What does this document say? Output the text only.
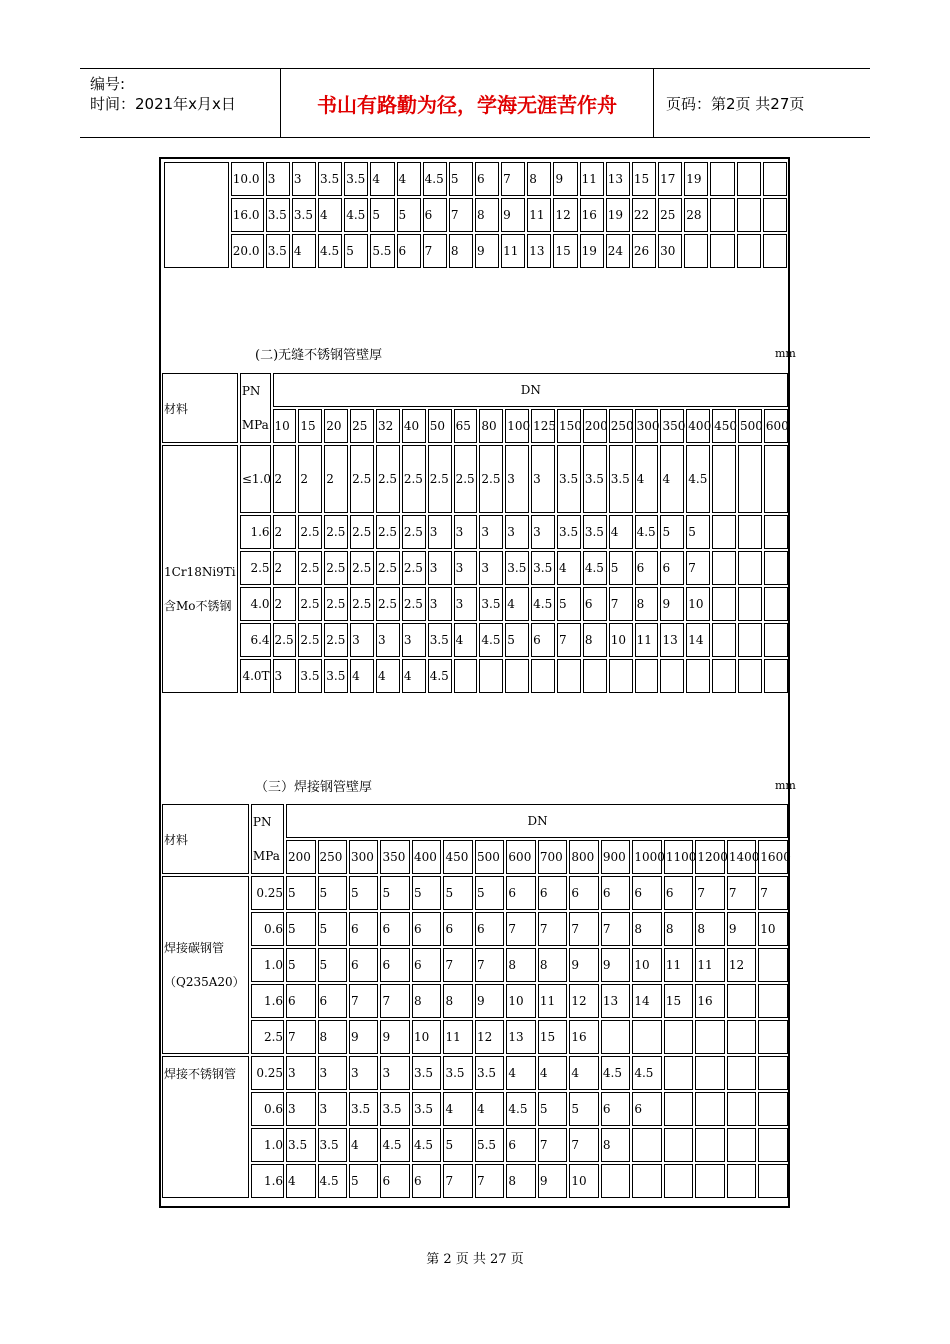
编号:
时间：2021年x月x日	书山有路勤为径，学海无涯苦作舟	页码：第2页 共27页
	10.0	3	3	3.5	3.5	4	4	4.5	5	6	7	8	9	11	13	15	17	19			
	16.0	3.5	3.5	4	4.5	5	5	6	7	8	9	11	12	16	19	22	25	28			
	20.0	3.5	4	4.5	5	5.5	6	7	8	9	11	13	15	19	24	26	30				
(二)无缝不锈钢管壁厚	mm
材料	PN MPa	DN																			
		10	15	20	25	32	40	50	65	80	100	125	150	200	250	300	350	400	450	500	600
1Cr18Ni9Ti 含Mo不锈钢	≤1.0	2	2	2	2.5	2.5	2.5	2.5	2.5	2.5	3	3	3.5	3.5	3.5	4	4	4.5			
	1.6	2	2.5	2.5	2.5	2.5	2.5	3	3	3	3	3	3.5	3.5	4	4.5	5	5			
	2.5	2	2.5	2.5	2.5	2.5	2.5	3	3	3	3.5	3.5	4	4.5	5	6	6	7			
	4.0	2	2.5	2.5	2.5	2.5	2.5	3	3	3.5	4	4.5	5	6	7	8	9	10			
	6.4	2.5	2.5	2.5	3	3	3	3.5	4	4.5	5	6	7	8	10	11	13	14			
	4.0T	3	3.5	3.5	4	4	4	4.5													
（三）焊接钢管壁厚	mm
材料	PN MPa	DN															
		200	250	300	350	400	450	500	600	700	800	900	1000	1100	1200	1400	1600
焊接碳钢管（Q235A20）	0.25	5	5	5	5	5	5	5	6	6	6	6	6	6	7	7	7
	0.6	5	5	6	6	6	6	6	7	7	7	7	8	8	8	9	10
	1.0	5	5	6	6	6	7	7	8	8	9	9	10	11	11	12	
	1.6	6	6	7	7	8	8	9	10	11	12	13	14	15	16		
	2.5	7	8	9	9	10	11	12	13	15	16						
焊接不锈钢管	0.25	3	3	3	3	3.5	3.5	3.5	4	4	4	4.5	4.5				
	0.6	3	3	3.5	3.5	3.5	4	4	4.5	5	5	6	6				
	1.0	3.5	3.5	4	4.5	4.5	5	5.5	6	7	7	8					
	1.6	4	4.5	5	6	6	7	7	8	9	10						
第 2 页 共 27 页
